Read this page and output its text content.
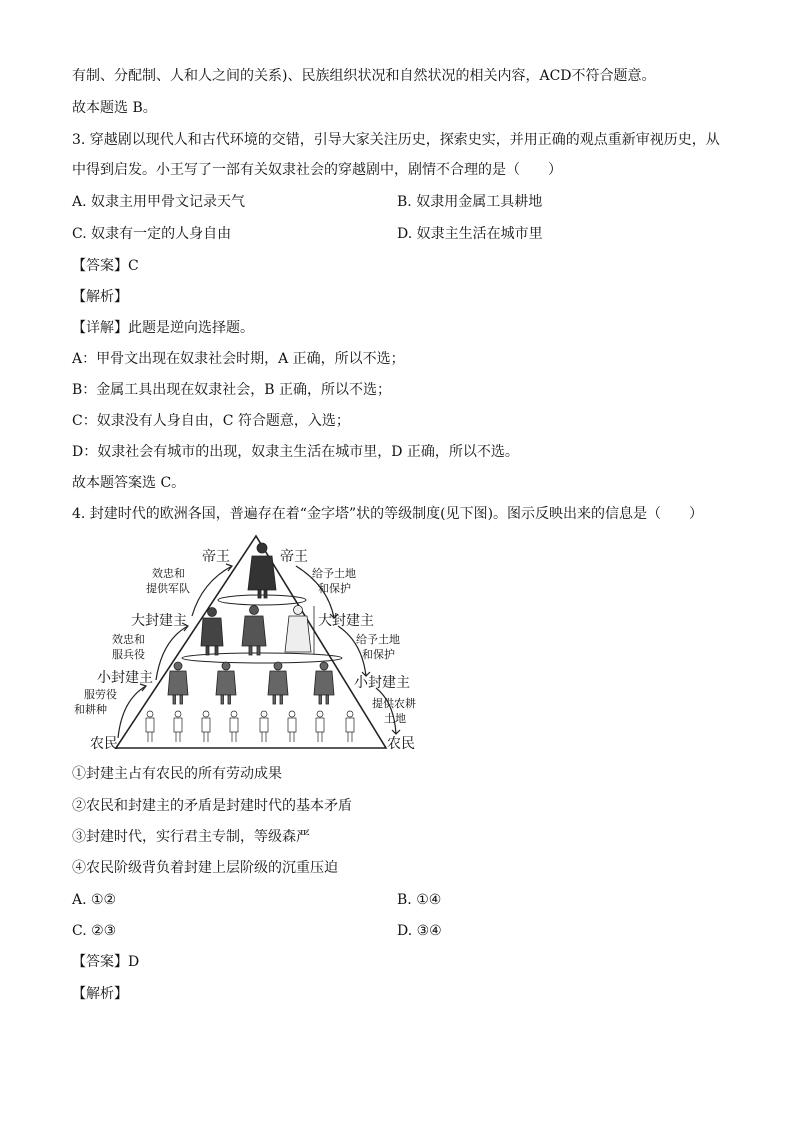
有制、分配制、人和人之间的关系)、民族组织状况和自然状况的相关内容，ACD不符合题意。
故本题选 B。
3. 穿越剧以现代人和古代环境的交错，引导大家关注历史，探索史实，并用正确的观点重新审视历史，从
中得到启发。小王写了一部有关奴隶社会的穿越剧中，剧情不合理的是（　　）
A. 奴隶主用甲骨文记录天气	B. 奴隶用金属工具耕地
C. 奴隶有一定的人身自由	D. 奴隶主生活在城市里
【答案】C
【解析】
【详解】此题是逆向选择题。
A：甲骨文出现在奴隶社会时期，A 正确，所以不选；
B：金属工具出现在奴隶社会，B 正确，所以不选；
C：奴隶没有人身自由，C 符合题意，入选；
D：奴隶社会有城市的出现，奴隶主生活在城市里，D 正确，所以不选。
故本题答案选 C。
4. 封建时代的欧洲各国，普遍存在着“金字塔”状的等级制度(见下图)。图示反映出来的信息是（　　）
帝王	帝王
大封建主	大封建主
小封建主	小封建主
农民	农民
效忠和
提供军队
效忠和
服兵役
服劳役
和耕种
给予土地
和保护
给予土地
和保护
提供农耕
土地
①封建主占有农民的所有劳动成果
②农民和封建主的矛盾是封建时代的基本矛盾
③封建时代，实行君主专制，等级森严
④农民阶级背负着封建上层阶级的沉重压迫
A. ①②	B. ①④
C. ②③	D. ③④
【答案】D
【解析】
